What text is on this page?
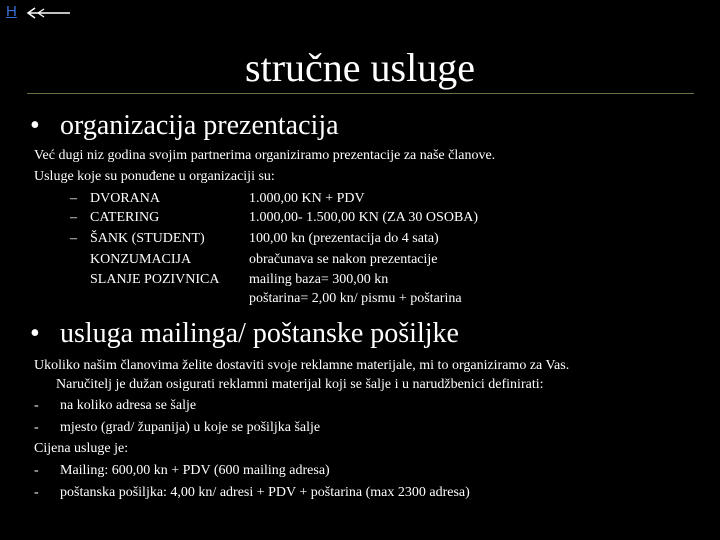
H
stručne usluge
• organizacija prezentacija
Već dugi niz godina svojim partnerima organiziramo prezentacije za naše članove.
Usluge koje su ponuđene u organizaciji su:
– DVORANA	1.000,00 KN + PDV
– CATERING	1.000,00- 1.500,00 KN (ZA 30 OSOBA)
– ŠANK (STUDENT)	100,00 kn (prezentacija do 4 sata)
KONZUMACIJA	obračunava se nakon prezentacije
SLANJE POZIVNICA mailing baza= 300,00 kn
poštarina= 2,00 kn/ pismu + poštarina
• usluga mailinga/ poštanske pošiljke
Ukoliko našim članovima želite dostaviti svoje reklamne materijale, mi to organiziramo za Vas.
Naručitelj je dužan osigurati reklamni materijal koji se šalje i u narudžbenici definirati:
- na koliko adresa se šalje
- mjesto (grad/ županija) u koje se pošiljka šalje
Cijena usluge je:
- Mailing: 600,00 kn + PDV (600 mailing adresa)
- poštanska pošiljka: 4,00 kn/ adresi + PDV + poštarina (max 2300 adresa)
